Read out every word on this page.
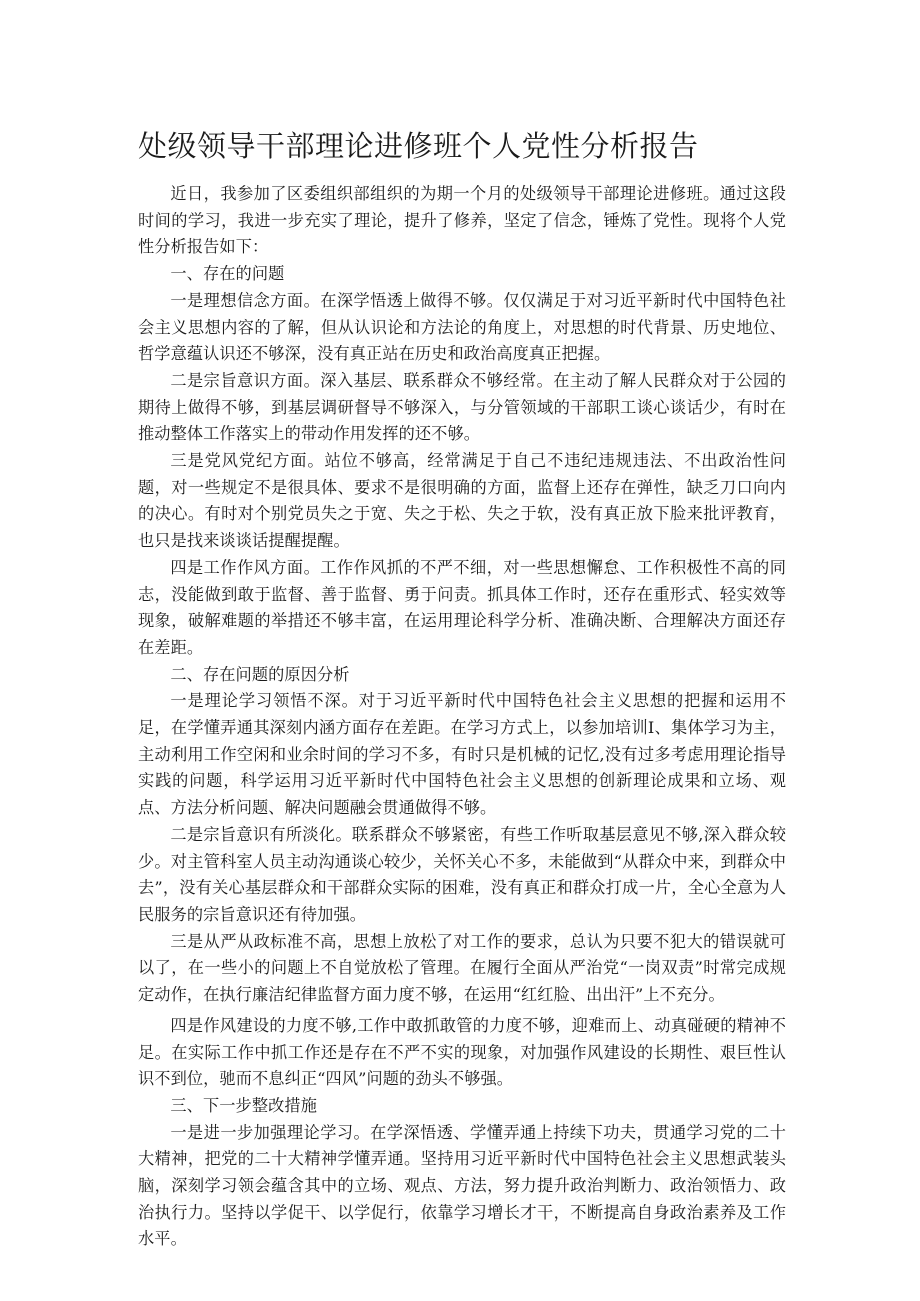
处级领导干部理论进修班个人党性分析报告

近日，我参加了区委组织部组织的为期一个月的处级领导干部理论进修班。通过这段时间的学习，我进一步充实了理论，提升了修养，坚定了信念，锤炼了党性。现将个人党性分析报告如下：

一、存在的问题

一是理想信念方面。在深学悟透上做得不够。仅仅满足于对习近平新时代中国特色社会主义思想内容的了解，但从认识论和方法论的角度上，对思想的时代背景、历史地位、哲学意蕴认识还不够深，没有真正站在历史和政治高度真正把握。

二是宗旨意识方面。深入基层、联系群众不够经常。在主动了解人民群众对于公园的期待上做得不够，到基层调研督导不够深入，与分管领域的干部职工谈心谈话少，有时在推动整体工作落实上的带动作用发挥的还不够。

三是党风党纪方面。站位不够高，经常满足于自己不违纪违规违法、不出政治性问题，对一些规定不是很具体、要求不是很明确的方面，监督上还存在弹性，缺乏刀口向内的决心。有时对个别党员失之于宽、失之于松、失之于软，没有真正放下脸来批评教育，也只是找来谈谈话提醒提醒。

四是工作作风方面。工作作风抓的不严不细，对一些思想懈怠、工作积极性不高的同志，没能做到敢于监督、善于监督、勇于问责。抓具体工作时，还存在重形式、轻实效等现象，破解难题的举措还不够丰富，在运用理论科学分析、准确决断、合理解决方面还存在差距。

二、存在问题的原因分析

一是理论学习领悟不深。对于习近平新时代中国特色社会主义思想的把握和运用不足，在学懂弄通其深刻内涵方面存在差距。在学习方式上，以参加培训Ⅰ、集体学习为主，主动利用工作空闲和业余时间的学习不多，有时只是机械的记忆,没有过多考虑用理论指导实践的问题，科学运用习近平新时代中国特色社会主义思想的创新理论成果和立场、观点、方法分析问题、解决问题融会贯通做得不够。

二是宗旨意识有所淡化。联系群众不够紧密，有些工作听取基层意见不够,深入群众较少。对主管科室人员主动沟通谈心较少，关怀关心不多，未能做到“从群众中来，到群众中去”，没有关心基层群众和干部群众实际的困难，没有真正和群众打成一片，全心全意为人民服务的宗旨意识还有待加强。

三是从严从政标准不高，思想上放松了对工作的要求，总认为只要不犯大的错误就可以了，在一些小的问题上不自觉放松了管理。在履行全面从严治党“一岗双责”时常完成规定动作，在执行廉洁纪律监督方面力度不够，在运用“红红脸、出出汗”上不充分。

四是作风建设的力度不够,工作中敢抓敢管的力度不够，迎难而上、动真碰硬的精神不足。在实际工作中抓工作还是存在不严不实的现象，对加强作风建设的长期性、艰巨性认识不到位，驰而不息纠正“四风”问题的劲头不够强。

三、下一步整改措施

一是进一步加强理论学习。在学深悟透、学懂弄通上持续下功夫，贯通学习党的二十大精神，把党的二十大精神学懂弄通。坚持用习近平新时代中国特色社会主义思想武装头脑，深刻学习领会蕴含其中的立场、观点、方法，努力提升政治判断力、政治领悟力、政治执行力。坚持以学促干、以学促行，依靠学习增长才干，不断提高自身政治素养及工作水平。
